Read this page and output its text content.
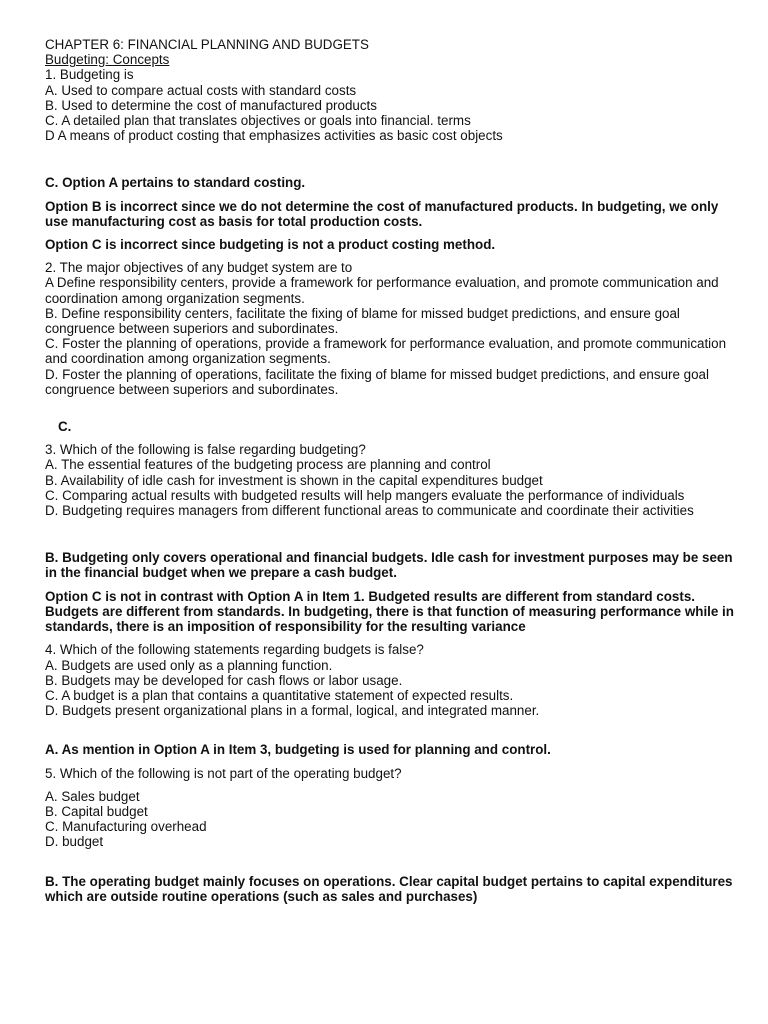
CHAPTER 6: FINANCIAL PLANNING AND BUDGETS
Budgeting: Concepts
1. Budgeting is
A. Used to compare actual costs with standard costs
B. Used to determine the cost of manufactured products
C. A detailed plan that translates objectives or goals into financial. terms
D A means of product costing that emphasizes activities as basic cost objects
C. Option A pertains to standard costing.
Option B is incorrect since we do not determine the cost of manufactured products. In budgeting, we only use manufacturing cost as basis for total production costs.
Option C is incorrect since budgeting is not a product costing method.
2. The major objectives of any budget system are to
A Define responsibility centers, provide a framework for performance evaluation, and promote communication and coordination among organization segments.
B. Define responsibility centers, facilitate the fixing of blame for missed budget predictions, and ensure goal congruence between superiors and subordinates.
C. Foster the planning of operations, provide a framework for performance evaluation, and promote communication and coordination among organization segments.
D. Foster the planning of operations, facilitate the fixing of blame for missed budget predictions, and ensure goal congruence between superiors and subordinates.
C.
3. Which of the following is false regarding budgeting?
A. The essential features of the budgeting process are planning and control
B. Availability of idle cash for investment is shown in the capital expenditures budget
C. Comparing actual results with budgeted results will help mangers evaluate the performance of individuals
D. Budgeting requires managers from different functional areas to communicate and coordinate their activities
B. Budgeting only covers operational and financial budgets. Idle cash for investment purposes may be seen in the financial budget when we prepare a cash budget.
Option C is not in contrast with Option A in Item 1. Budgeted results are different from standard costs. Budgets are different from standards. In budgeting, there is that function of measuring performance while in standards, there is an imposition of responsibility for the resulting variance
4. Which of the following statements regarding budgets is false?
A. Budgets are used only as a planning function.
B. Budgets may be developed for cash flows or labor usage.
C. A budget is a plan that contains a quantitative statement of expected results.
D. Budgets present organizational plans in a formal, logical, and integrated manner.
A. As mention in Option A in Item 3, budgeting is used for planning and control.
5. Which of the following is not part of the operating budget?
A. Sales budget
B. Capital budget
C. Manufacturing overhead
D. budget
B. The operating budget mainly focuses on operations. Clear capital budget pertains to capital expenditures which are outside routine operations (such as sales and purchases)
